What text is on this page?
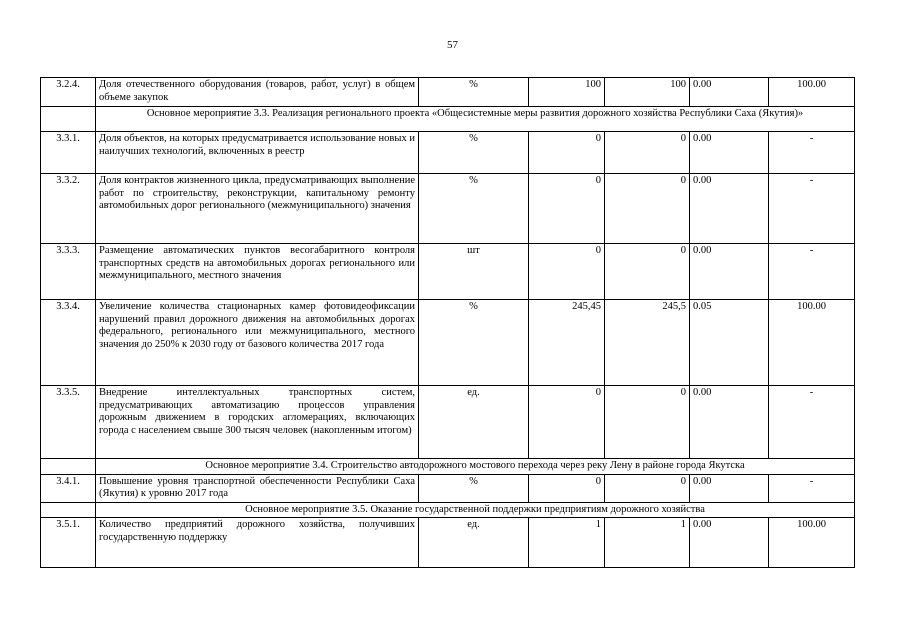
57
3.2.4.	Доля отечественного оборудования (товаров, работ, услуг) в общем объеме закупок	%	100	100	0.00	100.00
	Основное мероприятие 3.3. Реализация регионального проекта «Общесистемные меры развития дорожного хозяйства Республики Саха (Якутия)»					
3.3.1.	Доля объектов, на которых предусматривается использование новых и наилучших технологий, включенных в реестр	%	0	0	0.00	-
3.3.2.	Доля контрактов жизненного цикла, предусматривающих выполнение работ по строительству, реконструкции, капитальному ремонту автомобильных дорог регионального (межмуниципального) значения	%	0	0	0.00	-
3.3.3.	Размещение автоматических пунктов весогабаритного контроля транспортных средств на автомобильных дорогах регионального или межмуниципального, местного значения	шт	0	0	0.00	-
3.3.4.	Увеличение количества стационарных камер фотовидеофиксации нарушений правил дорожного движения на автомобильных дорогах федерального, регионального или межмуниципального, местного значения до 250% к 2030 году от базового количества 2017 года	%	245,45	245,5	0.05	100.00
3.3.5.	Внедрение интеллектуальных транспортных систем, предусматривающих автоматизацию процессов управления дорожным движением в городских агломерациях, включающих города с населением свыше 300 тысяч человек (накопленным итогом)	ед.	0	0	0.00	-
	Основное мероприятие 3.4. Строительство автодорожного мостового перехода через реку Лену в районе города Якутска					
3.4.1.	Повышение уровня транспортной обеспеченности Республики Саха (Якутия) к уровню 2017 года	%	0	0	0.00	-
	Основное мероприятие 3.5. Оказание государственной поддержки предприятиям дорожного хозяйства					
3.5.1.	Количество предприятий дорожного хозяйства, получивших государственную поддержку	ед.	1	1	0.00	100.00
